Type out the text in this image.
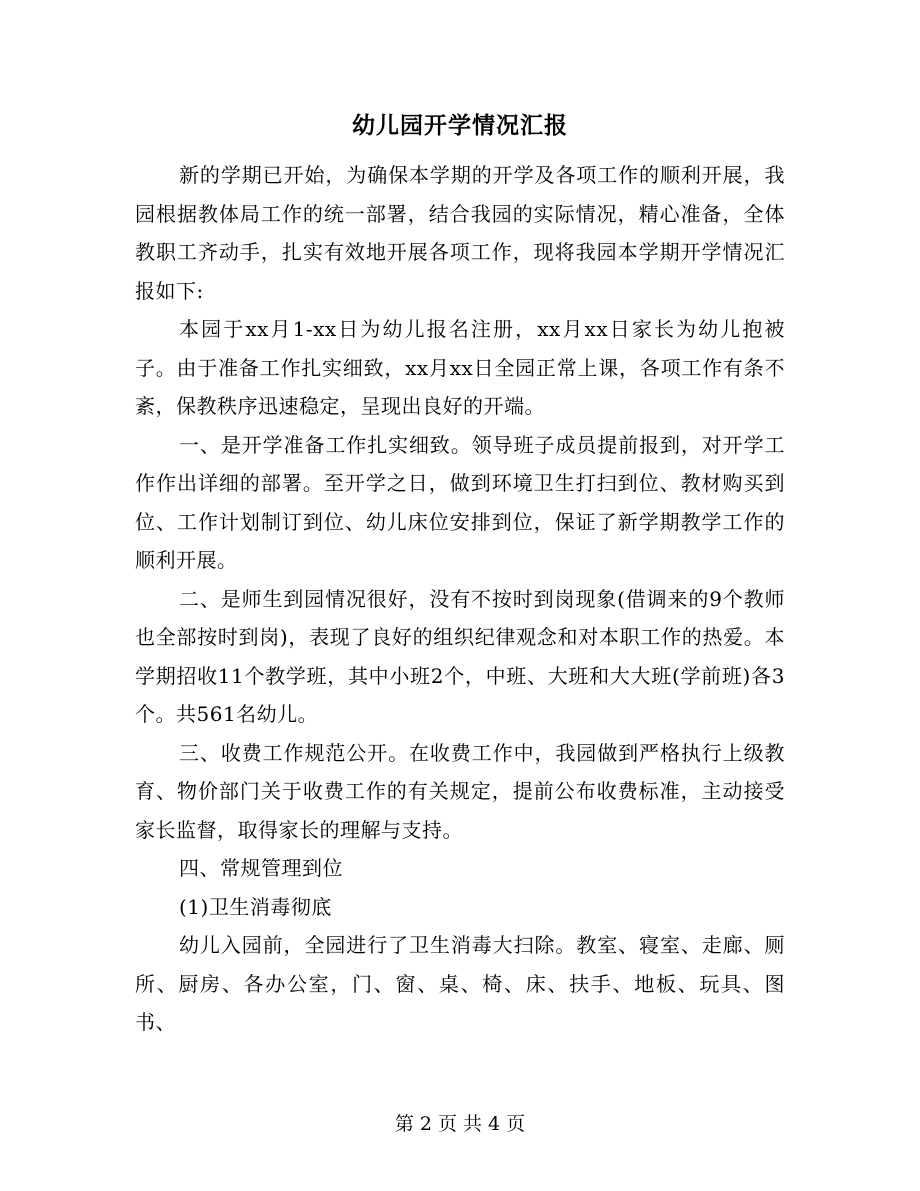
幼儿园开学情况汇报

新的学期已开始，为确保本学期的开学及各项工作的顺利开展，我园根据教体局工作的统一部署，结合我园的实际情况，精心准备，全体教职工齐动手，扎实有效地开展各项工作，现将我园本学期开学情况汇报如下:

本园于xx月1-xx日为幼儿报名注册，xx月xx日家长为幼儿抱被子。由于准备工作扎实细致，xx月xx日全园正常上课，各项工作有条不紊，保教秩序迅速稳定，呈现出良好的开端。

一、是开学准备工作扎实细致。领导班子成员提前报到，对开学工作作出详细的部署。至开学之日，做到环境卫生打扫到位、教材购买到位、工作计划制订到位、幼儿床位安排到位，保证了新学期教学工作的顺利开展。

二、是师生到园情况很好，没有不按时到岗现象(借调来的9个教师也全部按时到岗)，表现了良好的组织纪律观念和对本职工作的热爱。本学期招收11个教学班，其中小班2个，中班、大班和大大班(学前班)各3个。共561名幼儿。

三、收费工作规范公开。在收费工作中，我园做到严格执行上级教育、物价部门关于收费工作的有关规定，提前公布收费标准，主动接受家长监督，取得家长的理解与支持。

四、常规管理到位

(1)卫生消毒彻底

幼儿入园前，全园进行了卫生消毒大扫除。教室、寝室、走廊、厕所、厨房、各办公室，门、窗、桌、椅、床、扶手、地板、玩具、图书、

第 2 页 共 4 页
